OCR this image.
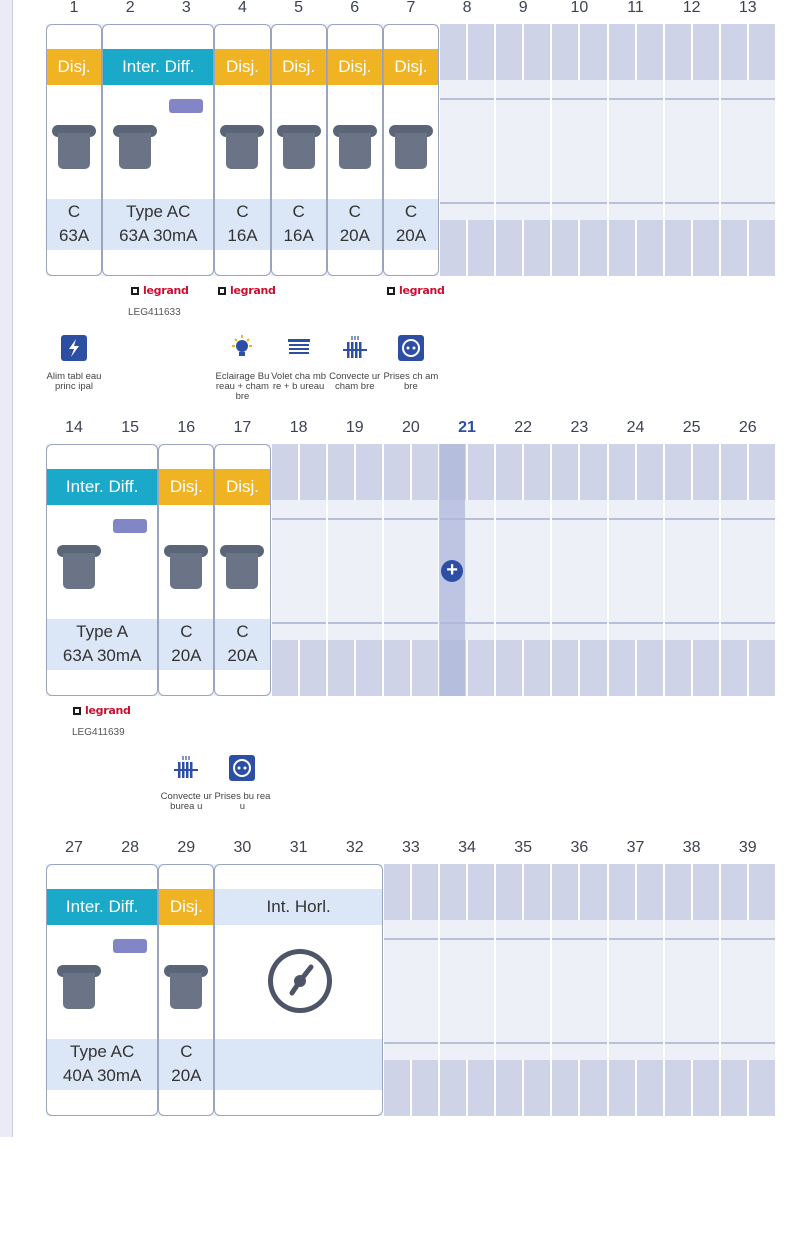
1	2	3	4	5	6	7	8	9	10	11	12	13
Disj.
C
63A
Inter. Diff.
Type AC
63A 30mA
Disj.
C
16A
Disj.
C
16A
Disj.
C
20A
Disj.
C
20A
legrand	legrand	legrand
LEG411633
Alim tabl eau princ ipal
Eclairage Bureau + chambre
Volet cha mbre + b ureau
Convecte ur cham bre
Prises ch ambre
14	15	16	17	18	19	20	21	22	23	24	25	26
+
Inter. Diff.
Type A
63A 30mA
Disj.
C
20A
Disj.
C
20A
legrand
LEG411639
Convecte ur burea u
Prises bu reau
27	28	29	30	31	32	33	34	35	36	37	38	39
Inter. Diff.
Type AC
40A 30mA
Disj.
C
20A
Int. Horl.
